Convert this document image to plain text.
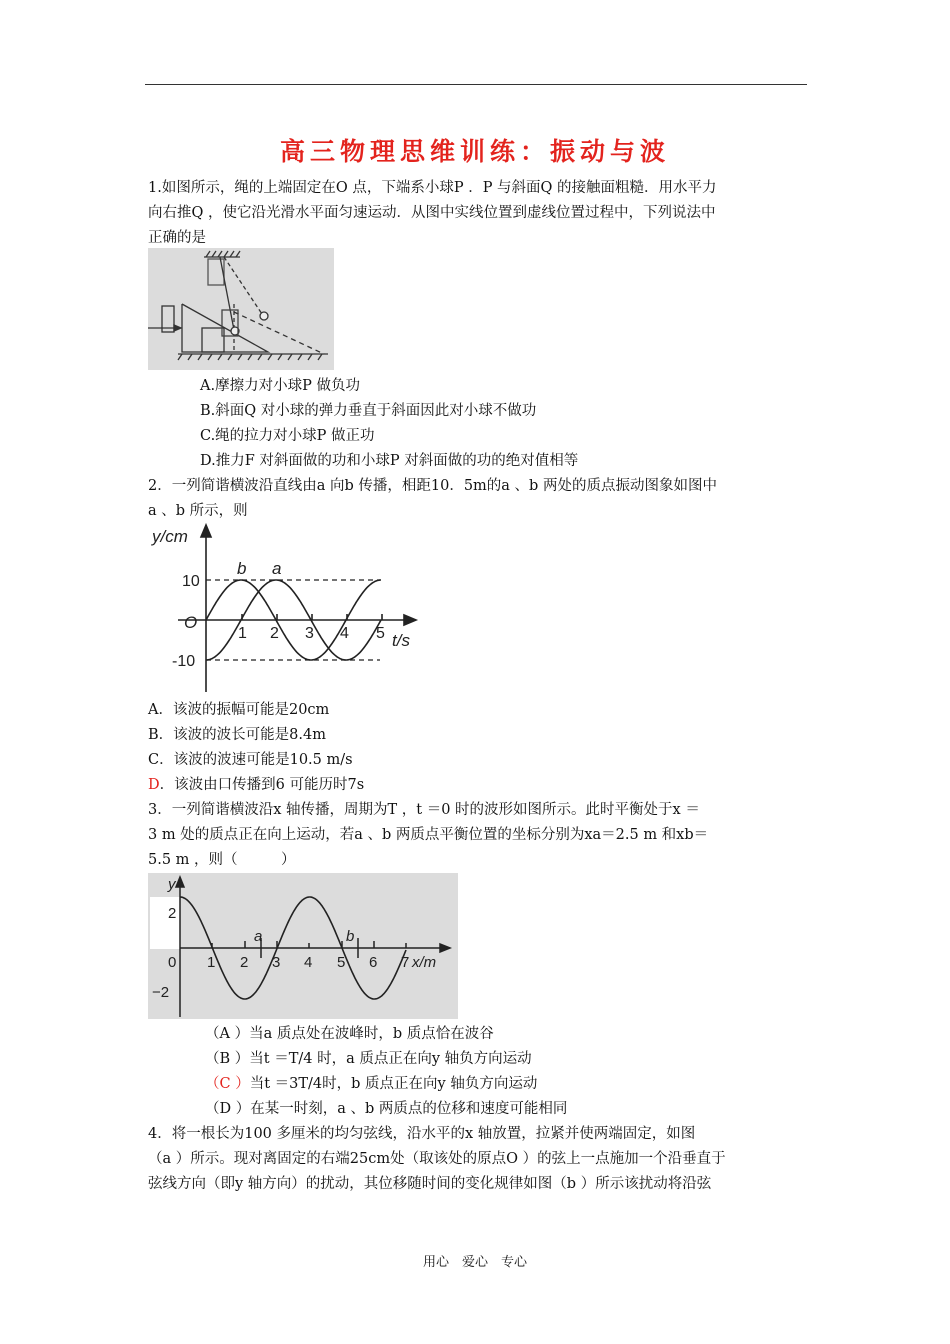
高三物理思维训练：振动与波
1.如图所示，绳的上端固定在O 点，下端系小球P ．P 与斜面Q 的接触面粗糙．用水平力
向右推Q ，使它沿光滑水平面匀速运动．从图中实线位置到虚线位置过程中，下列说法中
正确的是
A.摩擦力对小球P 做负功
B.斜面Q 对小球的弹力垂直于斜面因此对小球不做功
C.绳的拉力对小球P 做正功
D.推力F 对斜面做的功和小球P 对斜面做的功的绝对值相等
2．一列简谐横波沿直线由a 向b 传播，相距10．5m的a 、b 两处的质点振动图象如图中
a 、b 所示，则
y/cm
t/s
O
b a
10
-10
1 2 3 4 5
A．该波的振幅可能是20cm
B．该波的波长可能是8.4m
C．该波的波速可能是10.5 m/s
D．该波由口传播到6 可能历时7s
3．一列简谐横波沿x 轴传播，周期为T ，t ＝0 时的波形如图所示。此时平衡处于x ＝
3 m 处的质点正在向上运动，若a 、b 两质点平衡位置的坐标分别为xa＝2.5 m 和xb＝
5.5 m ，则（　　　）
y
x/m
0
2
−2
1 2 3 4 5 6 7
a	b
（A ）当a 质点处在波峰时，b 质点恰在波谷
（B ）当t ＝T/4 时，a 质点正在向y 轴负方向运动
（C ）当t ＝3T/4时，b 质点正在向y 轴负方向运动
（D ）在某一时刻，a 、b 两质点的位移和速度可能相同
4．将一根长为100 多厘米的均匀弦线，沿水平的x 轴放置，拉紧并使两端固定，如图
（a ）所示。现对离固定的右端25cm处（取该处的原点O ）的弦上一点施加一个沿垂直于
弦线方向（即y 轴方向）的扰动，其位移随时间的变化规律如图（b ）所示该扰动将沿弦
用心　爱心　专心
